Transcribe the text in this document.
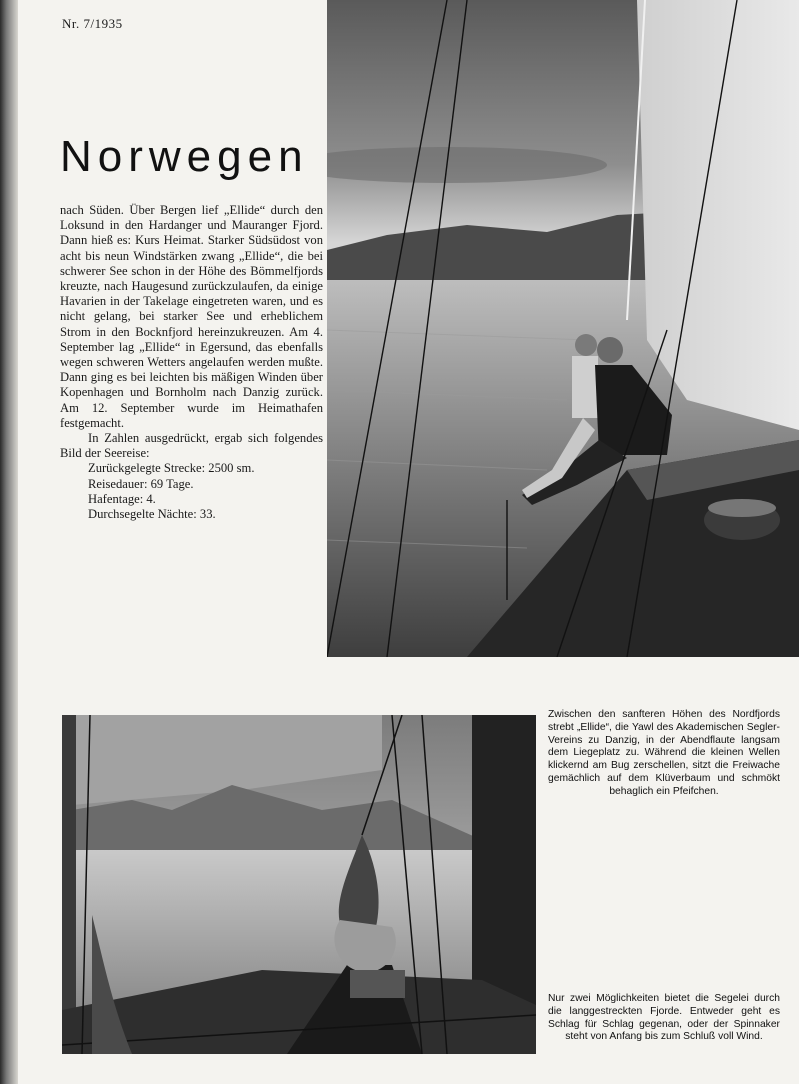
Nr. 7/1935
Norwegen

nach Süden. Über Bergen lief „Ellide“ durch den Loksund in den Hardanger und Mauranger Fjord. Dann hieß es: Kurs Heimat. Starker Südsüdost von acht bis neun Windstärken zwang „Ellide“, die bei schwerer See schon in der Höhe des Bömmelfjords kreuzte, nach Haugesund zurückzulaufen, da einige Havarien in der Takelage eingetreten waren, und es nicht gelang, bei starker See und erheblichem Strom in den Bocknfjord hereinzukreuzen. Am 4. September lag „Ellide“ in Egersund, das ebenfalls wegen schweren Wetters angelaufen werden mußte. Dann ging es bei leichten bis mäßigen Winden über Kopenhagen und Bornholm nach Danzig zurück. Am 12. September wurde im Heimathafen festgemacht.

In Zahlen ausgedrückt, ergab sich folgendes Bild der Seereise:

Zurückgelegte Strecke: 2500 sm.
Reisedauer: 69 Tage.
Hafentage: 4.
Durchsegelte Nächte: 33.

Zwischen den sanfteren Höhen des Nordfjords strebt „Ellide“, die Yawl des Akademischen Segler-Vereins zu Danzig, in der Abendflaute langsam dem Liegeplatz zu. Während die kleinen Wellen klickernd am Bug zerschellen, sitzt die Freiwache gemächlich auf dem Klüverbaum und schmökt behaglich ein Pfeifchen.

Nur zwei Möglichkeiten bietet die Segelei durch die langgestreckten Fjorde. Entweder geht es Schlag für Schlag gegenan, oder der Spinnaker steht von Anfang bis zum Schluß voll Wind.
